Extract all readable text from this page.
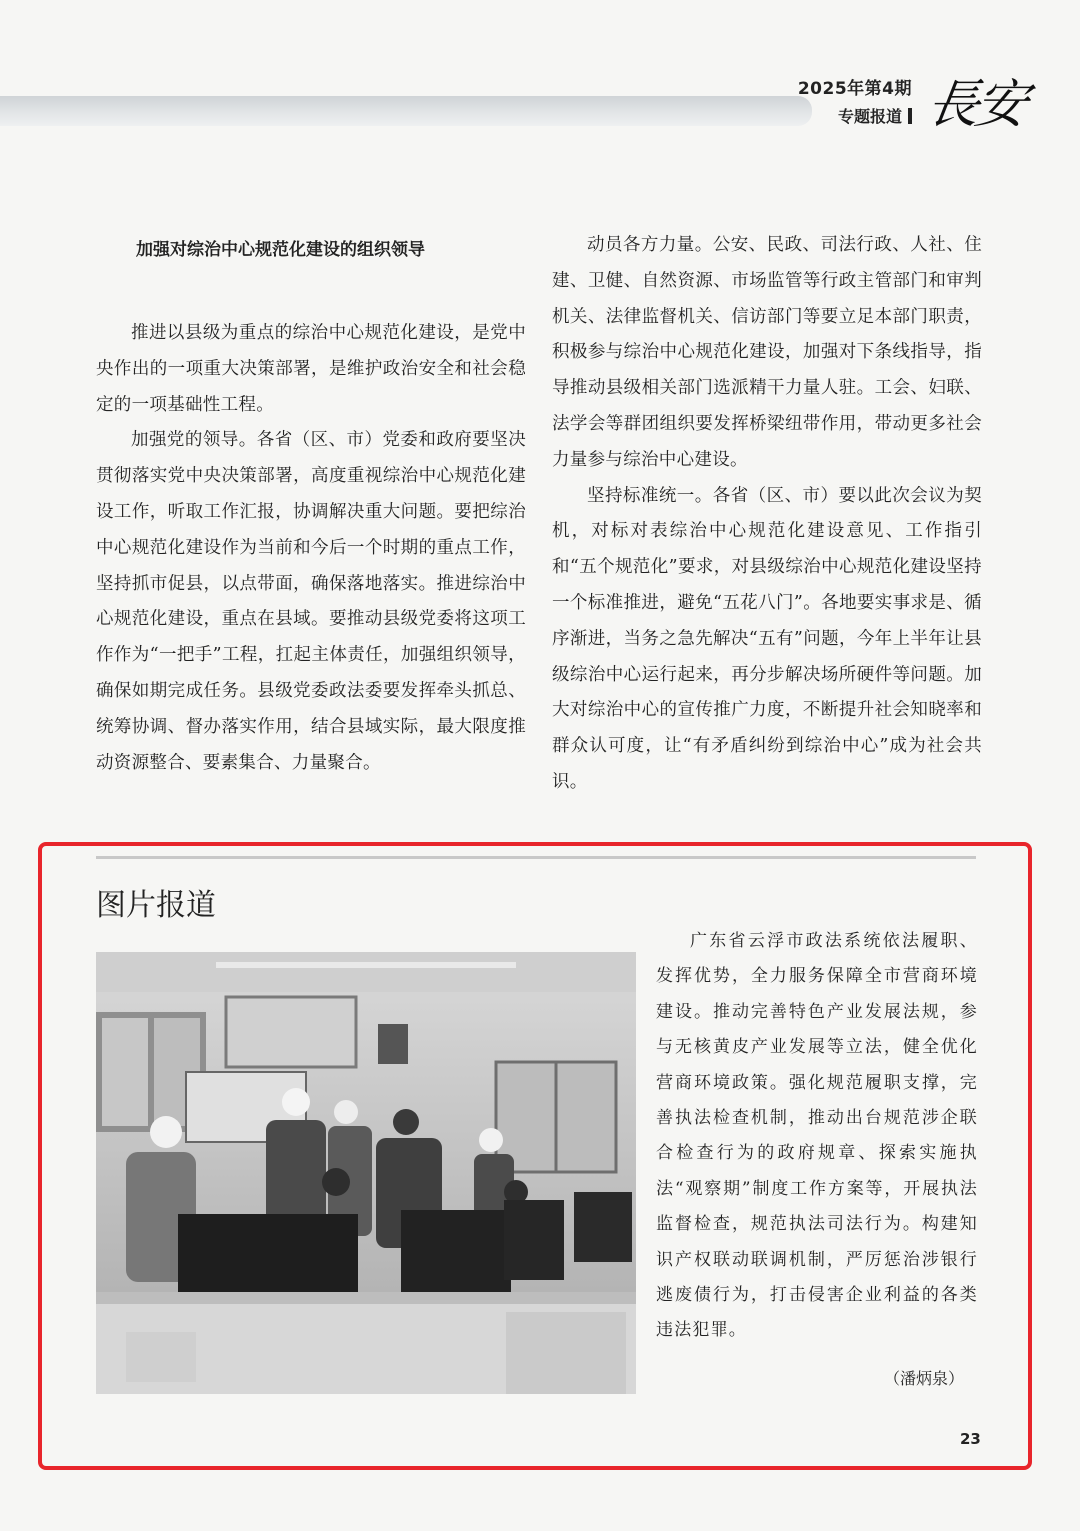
2025年第4期
专题报道 長安
加强对综治中心规范化建设的组织领导

推进以县级为重点的综治中心规范化建设，是党中央作出的一项重大决策部署，是维护政治安全和社会稳定的一项基础性工程。

加强党的领导。各省（区、市）党委和政府要坚决贯彻落实党中央决策部署，高度重视综治中心规范化建设工作，听取工作汇报，协调解决重大问题。要把综治中心规范化建设作为当前和今后一个时期的重点工作，坚持抓市促县，以点带面，确保落地落实。推进综治中心规范化建设，重点在县域。要推动县级党委将这项工作作为“一把手”工程，扛起主体责任，加强组织领导，确保如期完成任务。县级党委政法委要发挥牵头抓总、统筹协调、督办落实作用，结合县域实际，最大限度推动资源整合、要素集合、力量聚合。

动员各方力量。公安、民政、司法行政、人社、住建、卫健、自然资源、市场监管等行政主管部门和审判机关、法律监督机关、信访部门等要立足本部门职责，积极参与综治中心规范化建设，加强对下条线指导，指导推动县级相关部门选派精干力量人驻。工会、妇联、法学会等群团组织要发挥桥梁纽带作用，带动更多社会力量参与综治中心建设。

坚持标准统一。各省（区、市）要以此次会议为契机，对标对表综治中心规范化建设意见、工作指引和“五个规范化”要求，对县级综治中心规范化建设坚持一个标准推进，避免“五花八门”。各地要实事求是、循序渐进，当务之急先解决“五有”问题，今年上半年让县级综治中心运行起来，再分步解决场所硬件等问题。加大对综治中心的宣传推广力度，不断提升社会知晓率和群众认可度，让“有矛盾纠纷到综治中心”成为社会共识。

图片报道

广东省云浮市政法系统依法履职、发挥优势，全力服务保障全市营商环境建设。推动完善特色产业发展法规，参与无核黄皮产业发展等立法，健全优化营商环境政策。强化规范履职支撑，完善执法检查机制，推动出台规范涉企联合检查行为的政府规章、探索实施执法“观察期”制度工作方案等，开展执法监督检查，规范执法司法行为。构建知识产权联动联调机制，严厉惩治涉银行逃废债行为，打击侵害企业利益的各类违法犯罪。

（潘炳泉）
23
